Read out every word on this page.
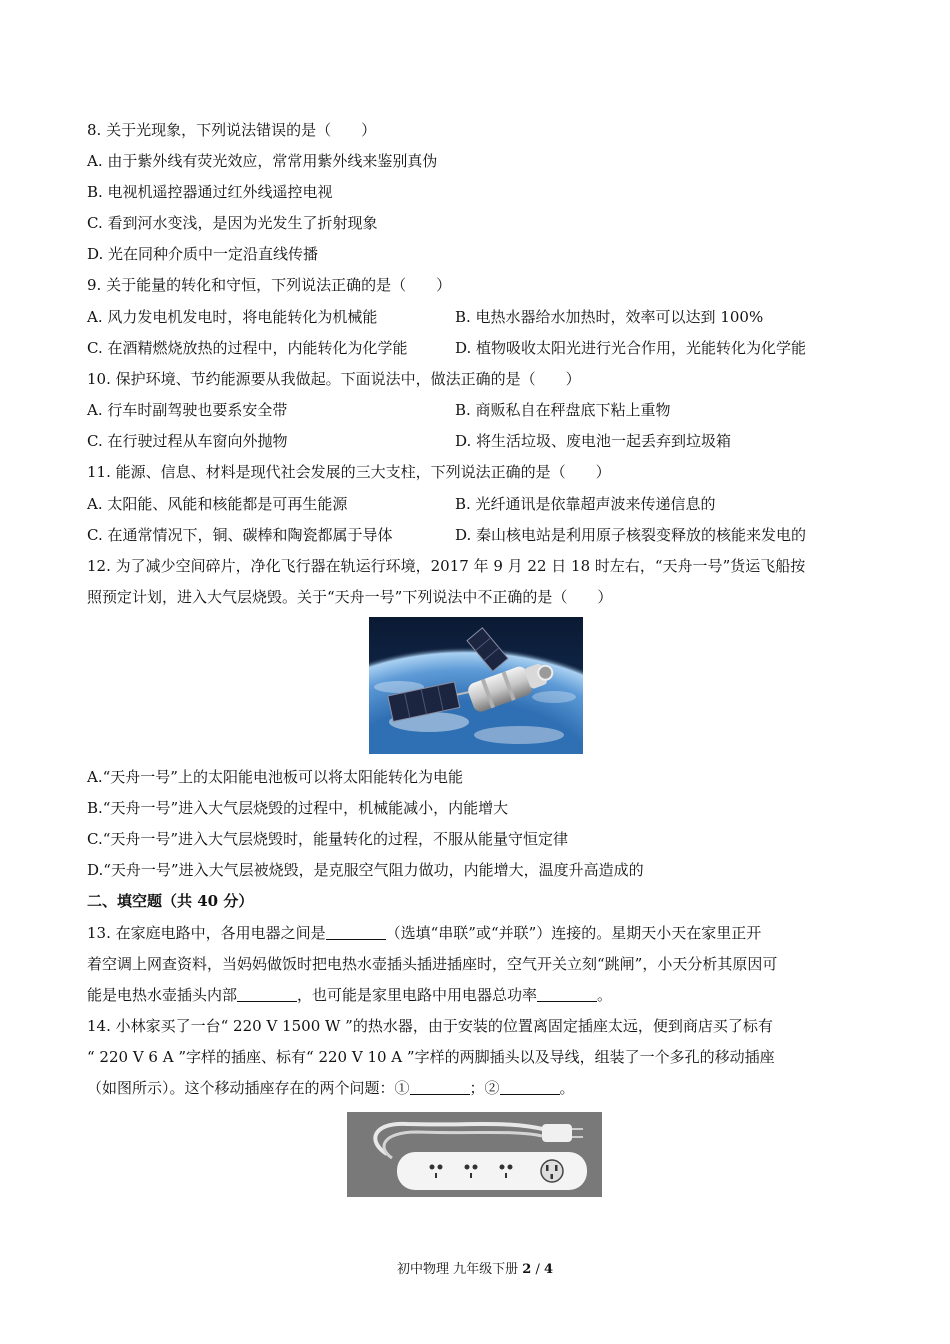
8. 关于光现象，下列说法错误的是（　　）
A. 由于紫外线有荧光效应，常常用紫外线来鉴别真伪
B. 电视机遥控器通过红外线遥控电视
C. 看到河水变浅，是因为光发生了折射现象
D. 光在同种介质中一定沿直线传播
9. 关于能量的转化和守恒，下列说法正确的是（　　）
A. 风力发电机发电时，将电能转化为机械能	B. 电热水器给水加热时，效率可以达到 100%
C. 在酒精燃烧放热的过程中，内能转化为化学能	D. 植物吸收太阳光进行光合作用，光能转化为化学能
10. 保护环境、节约能源要从我做起。下面说法中，做法正确的是（　　）
A. 行车时副驾驶也要系安全带	B. 商贩私自在秤盘底下粘上重物
C. 在行驶过程从车窗向外抛物	D. 将生活垃圾、废电池一起丢弃到垃圾箱
11. 能源、信息、材料是现代社会发展的三大支柱，下列说法正确的是（　　）
A. 太阳能、风能和核能都是可再生能源	B. 光纤通讯是依靠超声波来传递信息的
C. 在通常情况下，铜、碳棒和陶瓷都属于导体	D. 秦山核电站是利用原子核裂变释放的核能来发电的
12. 为了减少空间碎片，净化飞行器在轨运行环境，2017 年 9 月 22 日 18 时左右，“天舟一号”货运飞船按
照预定计划，进入大气层烧毁。关于“天舟一号”下列说法中不正确的是（　　）
A.“天舟一号”上的太阳能电池板可以将太阳能转化为电能
B.“天舟一号”进入大气层烧毁的过程中，机械能减小，内能增大
C.“天舟一号”进入大气层烧毁时，能量转化的过程，不服从能量守恒定律
D.“天舟一号”进入大气层被烧毁，是克服空气阻力做功，内能增大，温度升高造成的
二、填空题（共 40 分）
13. 在家庭电路中，各用电器之间是	（选填“串联”或“并联”）连接的。星期天小天在家里正开
着空调上网查资料，当妈妈做饭时把电热水壶插头插进插座时，空气开关立刻“跳闸”，小天分析其原因可
能是电热水壶插头内部	，也可能是家里电路中用电器总功率	。
14. 小林家买了一台“ 220 V 1500 W ”的热水器，由于安装的位置离固定插座太远，便到商店买了标有
“ 220 V 6 A ”字样的插座、标有“ 220 V 10 A ”字样的两脚插头以及导线，组装了一个多孔的移动插座
（如图所示）。这个移动插座存在的两个问题：①	；②	。
初中物理 九年级下册 2 / 4
